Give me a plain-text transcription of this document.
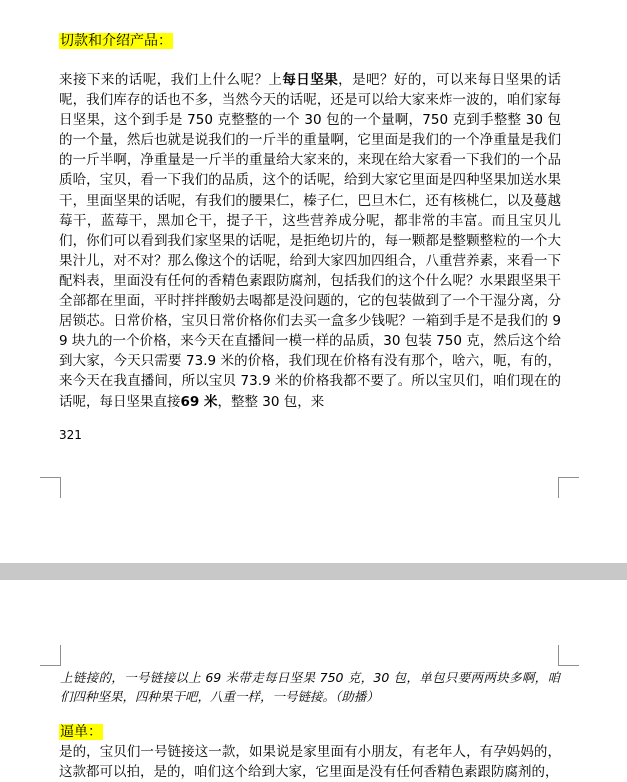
切款和介绍产品：
来接下来的话呢，我们上什么呢？上每日坚果，是吧？好的，可以来每日坚果的话呢，我们库存的话也不多，当然今天的话呢，还是可以给大家来炸一波的，咱们家每日坚果，这个到手是 750 克整整的一个 30 包的一个量啊，750 克到手整整 30 包的一个量，然后也就是说我们的一斤半的重量啊，它里面是我们的一个净重量是我们的一斤半啊，净重量是一斤半的重量给大家来的，来现在给大家看一下我们的一个品质哈，宝贝，看一下我们的品质，这个的话呢，给到大家它里面是四种坚果加送水果干，里面坚果的话呢，有我们的腰果仁，榛子仁，巴旦木仁，还有核桃仁，以及蔓越莓干，蓝莓干，黑加仑干，提子干，这些营养成分呢，都非常的丰富。而且宝贝儿们，你们可以看到我们家坚果的话呢，是拒绝切片的，每一颗都是整颗整粒的一个大果汁儿，对不对？那么像这个的话呢，给到大家四加四组合，八重营养素，来看一下配料表，里面没有任何的香精色素跟防腐剂，包括我们的这个什么呢？水果跟坚果干全部都在里面，平时拌拌酸奶去喝都是没问题的，它的包装做到了一个干湿分离，分居锁芯。日常价格，宝贝日常价格你们去买一盒多少钱呢？一箱到手是不是我们的 99 块九的一个价格，来今天在直播间一模一样的品质，30 包装 750 克，然后这个给到大家，今天只需要 73.9 米的价格，我们现在价格有没有那个，啥六，呃，有的，来今天在我直播间，所以宝贝 73.9 米的价格我都不要了。所以宝贝们，咱们现在的话呢，每日坚果直接69 米，整整 30 包，来
321
上链接的，一号链接以上 69 米带走每日坚果 750 克，30 包，单包只要两两块多啊，咱们四种坚果，四种果干吧，八重一样，一号链接。（助播）
逼单：
是的，宝贝们一号链接这一款，如果说是家里面有小朋友，有老年人，有孕妈妈的，这款都可以拍，是的，咱们这个给到大家，它里面是没有任何香精色素跟防腐剂的，
